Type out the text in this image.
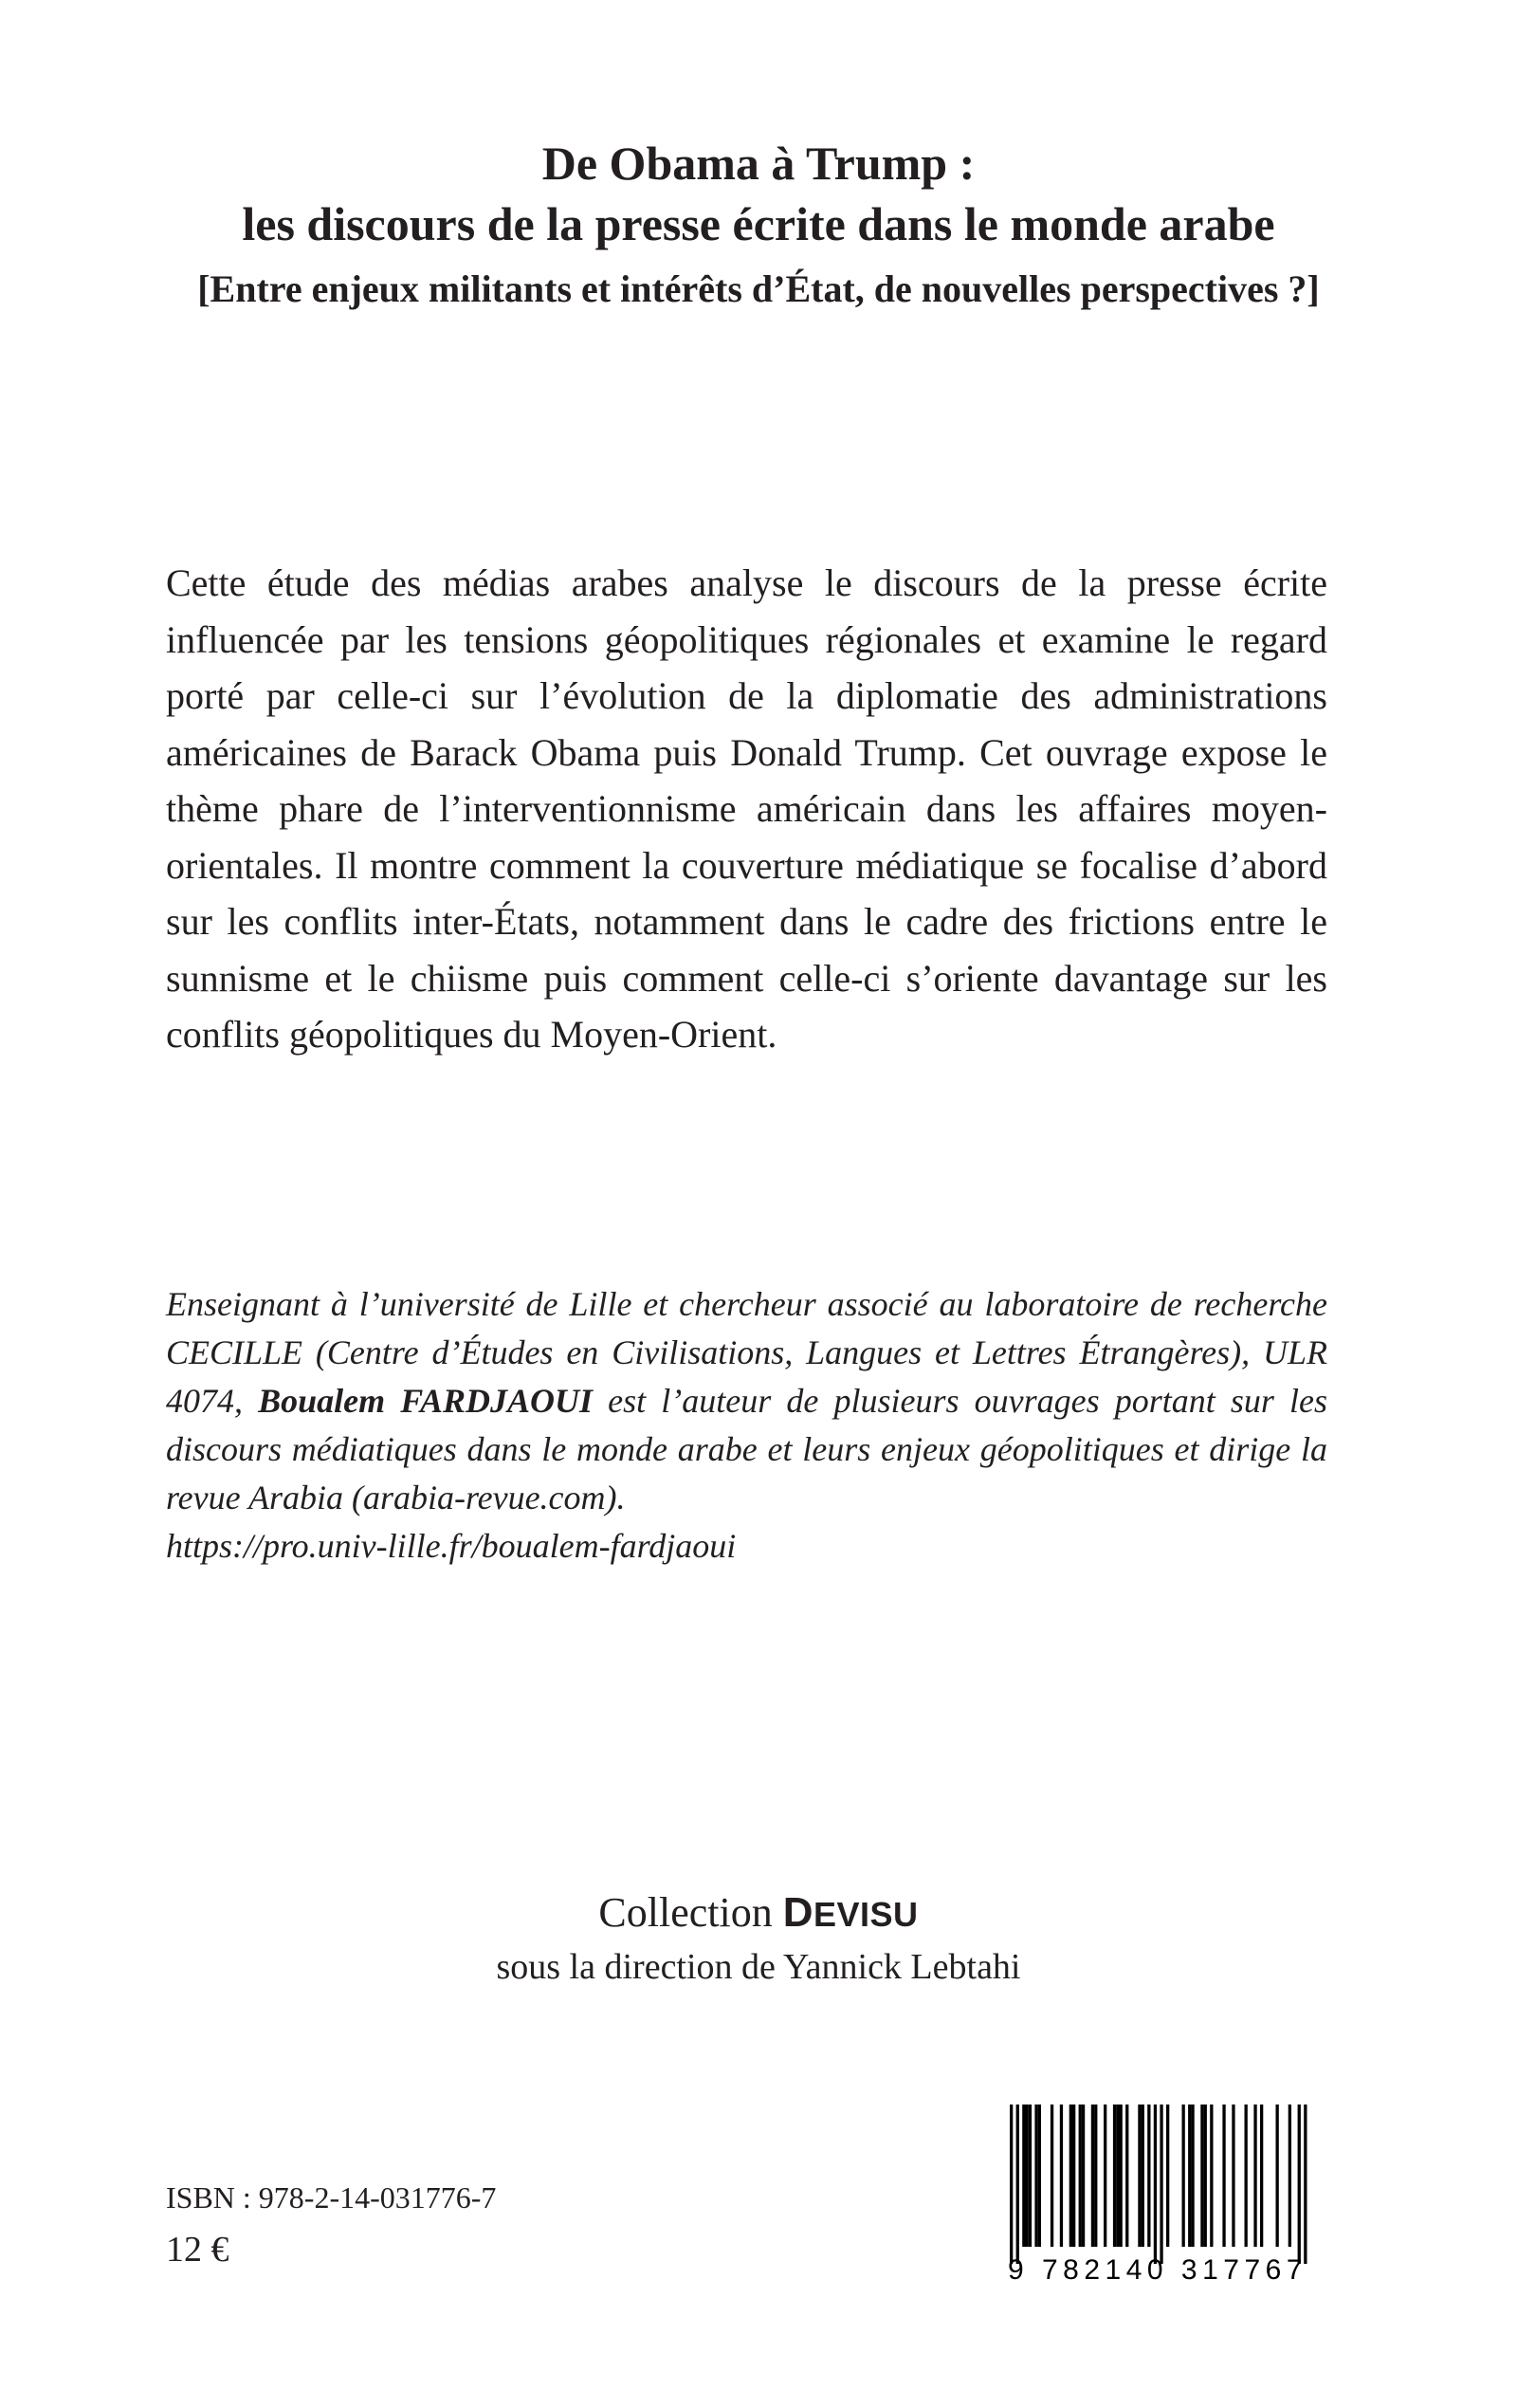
De Obama à Trump :
les discours de la presse écrite dans le monde arabe
[Entre enjeux militants et intérêts d’État, de nouvelles perspectives ?]

Cette étude des médias arabes analyse le discours de la presse écrite influencée par les tensions géopolitiques régionales et examine le regard porté par celle-ci sur l’évolution de la diplomatie des administrations américaines de Barack Obama puis Donald Trump. Cet ouvrage expose le thème phare de l’interventionnisme américain dans les affaires moyen-orientales. Il montre comment la couverture médiatique se focalise d’abord sur les conflits inter-États, notamment dans le cadre des frictions entre le sunnisme et le chiisme puis comment celle-ci s’oriente davantage sur les conflits géopolitiques du Moyen-Orient.

Enseignant à l’université de Lille et chercheur associé au laboratoire de recherche CECILLE (Centre d’Études en Civilisations, Langues et Lettres Étrangères), ULR 4074, Boualem FARDJAOUI est l’auteur de plusieurs ouvrages portant sur les discours médiatiques dans le monde arabe et leurs enjeux géopolitiques et dirige la revue Arabia (arabia-revue.com).
https://pro.univ-lille.fr/boualem-fardjaoui

Collection DEVISU
sous la direction de Yannick Lebtahi
ISBN : 978-2-14-031776-7
12 €
9 782140 317767
